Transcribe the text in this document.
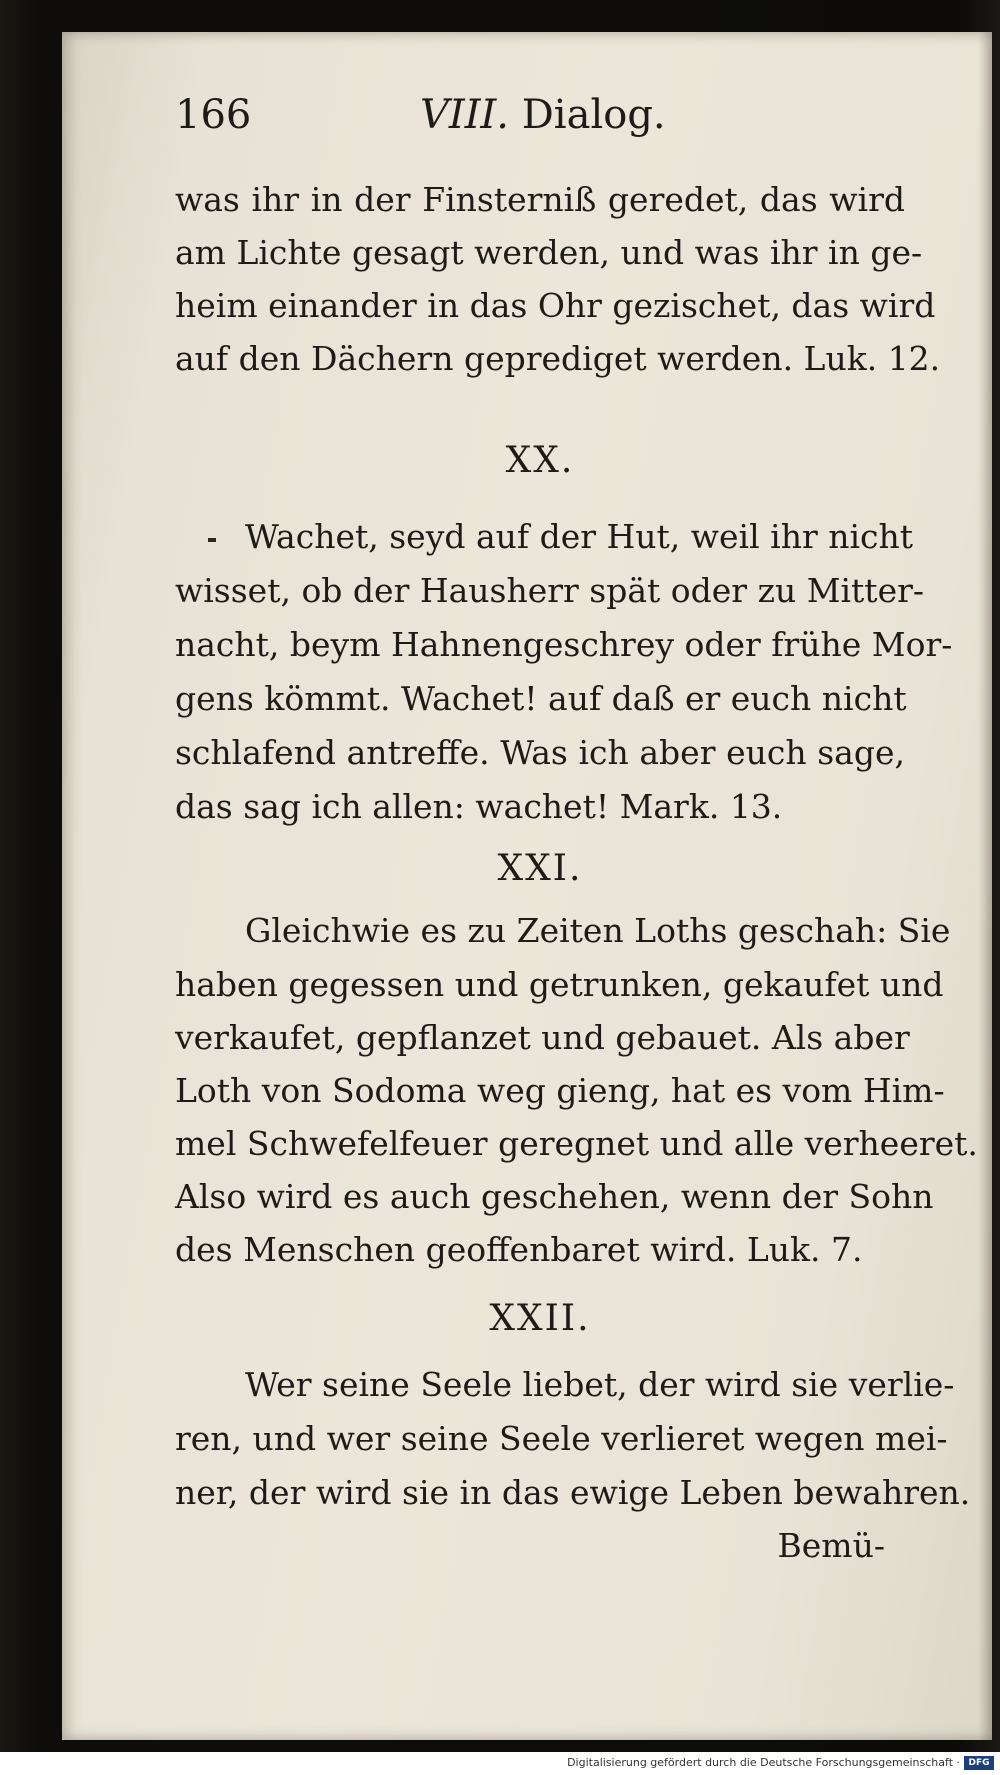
166	VIII. Dialog.
was ihr in der Finsterniß geredet, das wird
am Lichte gesagt werden, und was ihr in ge-
heim einander in das Ohr gezischet, das wird
auf den Dächern geprediget werden. Luk. 12.
XX.
Wachet, seyd auf der Hut, weil ihr nicht
wisset, ob der Hausherr spät oder zu Mitter-
nacht, beym Hahnengeschrey oder frühe Mor-
gens kömmt. Wachet! auf daß er euch nicht
schlafend antreffe. Was ich aber euch sage,
das sag ich allen: wachet! Mark. 13.
XXI.
Gleichwie es zu Zeiten Loths geschah: Sie
haben gegessen und getrunken, gekaufet und
verkaufet, gepflanzet und gebauet. Als aber
Loth von Sodoma weg gieng, hat es vom Him-
mel Schwefelfeuer geregnet und alle verheeret.
Also wird es auch geschehen, wenn der Sohn
des Menschen geoffenbaret wird. Luk. 7.
XXII.
Wer seine Seele liebet, der wird sie verlie-
ren, und wer seine Seele verlieret wegen mei-
ner, der wird sie in das ewige Leben bewahren.
Bemü-
Digitalisierung gefördert durch die Deutsche Forschungsgemeinschaft · DFG
